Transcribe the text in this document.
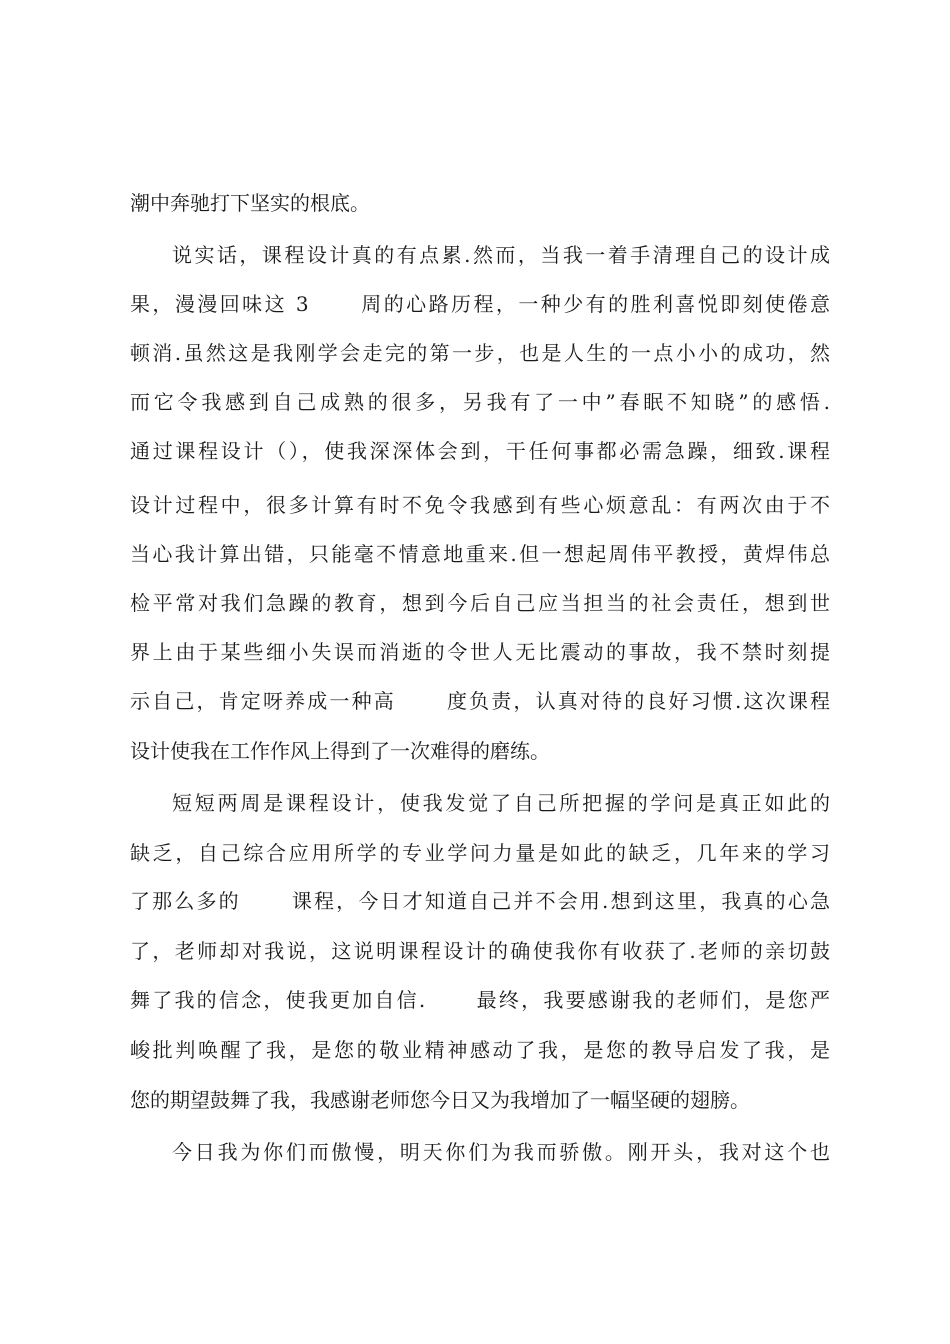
潮中奔驰打下坚实的根底。
说实话，课程设计真的有点累.然而，当我一着手清理自己的设计成
果，漫漫回味这 3      周的心路历程，一种少有的胜利喜悦即刻使倦意
顿消.虽然这是我刚学会走完的第一步，也是人生的一点小小的成功，然
而它令我感到自己成熟的很多，另我有了一中”春眠不知晓”的感悟.
通过课程设计（），使我深深体会到，干任何事都必需急躁，细致.课程
设计过程中，很多计算有时不免令我感到有些心烦意乱：有两次由于不
当心我计算出错，只能毫不情意地重来.但一想起周伟平教授，黄焊伟总
检平常对我们急躁的教育，想到今后自己应当担当的社会责任，想到世
界上由于某些细小失误而消逝的令世人无比震动的事故，我不禁时刻提
示自己，肯定呀养成一种高      度负责，认真对待的良好习惯.这次课程
设计使我在工作作风上得到了一次难得的磨练。
短短两周是课程设计，使我发觉了自己所把握的学问是真正如此的
缺乏，自己综合应用所学的专业学问力量是如此的缺乏，几年来的学习
了那么多的      课程，今日才知道自己并不会用.想到这里，我真的心急
了，老师却对我说，这说明课程设计的确使我你有收获了.老师的亲切鼓
舞了我的信念，使我更加自信.      最终，我要感谢我的老师们，是您严
峻批判唤醒了我，是您的敬业精神感动了我，是您的教导启发了我，是
您的期望鼓舞了我，我感谢老师您今日又为我增加了一幅坚硬的翅膀。
今日我为你们而傲慢，明天你们为我而骄傲。刚开头，我对这个也
